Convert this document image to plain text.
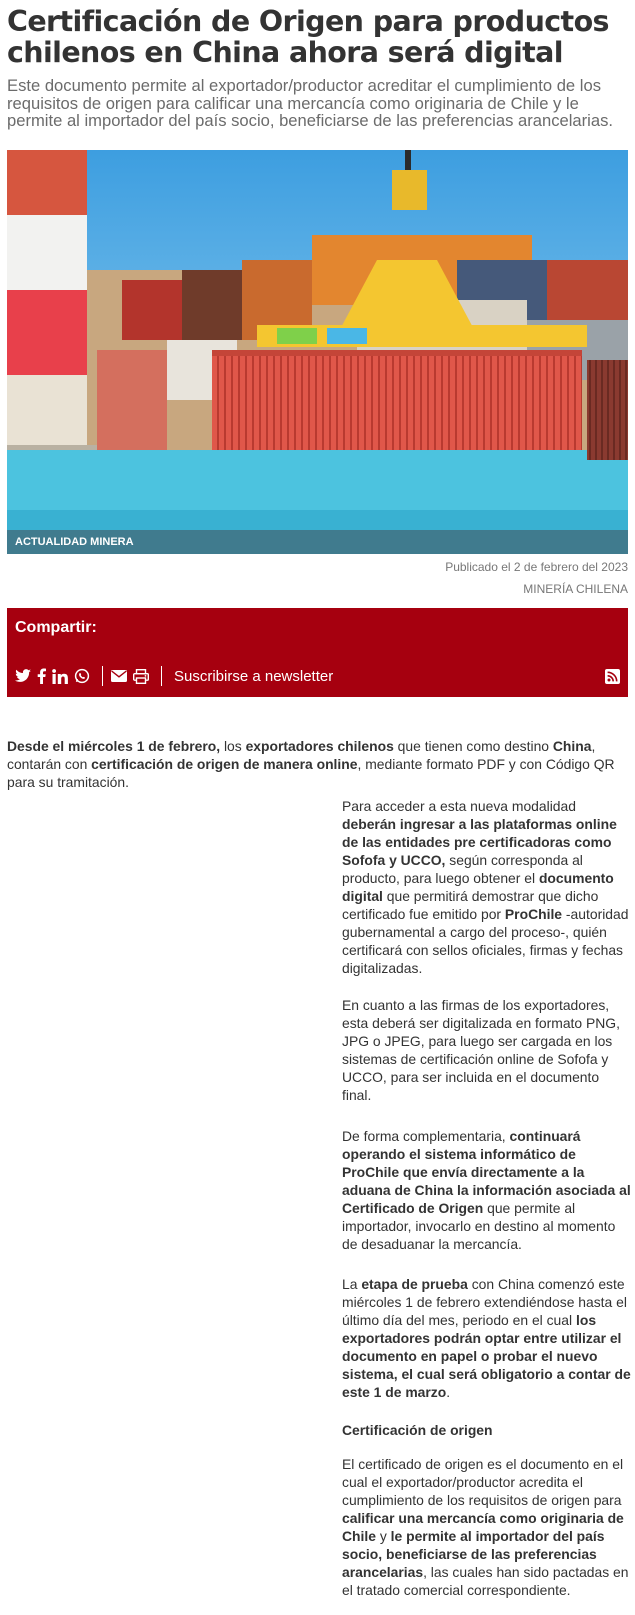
Certificación de Origen para productos chilenos en China ahora será digital

Este documento permite al exportador/productor acreditar el cumplimiento de los requisitos de origen para calificar una mercancía como originaria de Chile y le permite al importador del país socio, beneficiarse de las preferencias arancelarias.

ACTUALIDAD MINERA
Publicado el 2 de febrero del 2023
MINERÍA CHILENA
Compartir:
Suscribirse a newsletter

Desde el miércoles 1 de febrero, los exportadores chilenos que tienen como destino China, contarán con certificación de origen de manera online, mediante formato PDF y con Código QR para su tramitación.

Para acceder a esta nueva modalidad deberán ingresar a las plataformas online de las entidades pre certificadoras como Sofofa y UCCO, según corresponda al producto, para luego obtener el documento digital que permitirá demostrar que dicho certificado fue emitido por ProChile -autoridad gubernamental a cargo del proceso-, quién certificará con sellos oficiales, firmas y fechas digitalizadas.

En cuanto a las firmas de los exportadores, esta deberá ser digitalizada en formato PNG, JPG o JPEG, para luego ser cargada en los sistemas de certificación online de Sofofa y UCCO, para ser incluida en el documento final.

De forma complementaria, continuará operando el sistema informático de ProChile que envía directamente a la aduana de China la información asociada al Certificado de Origen que permite al importador, invocarlo en destino al momento de desaduanar la mercancía.

La etapa de prueba con China comenzó este miércoles 1 de febrero extendiéndose hasta el último día del mes, periodo en el cual los exportadores podrán optar entre utilizar el documento en papel o probar el nuevo sistema, el cual será obligatorio a contar de este 1 de marzo.

Certificación de origen

El certificado de origen es el documento en el cual el exportador/productor acredita el cumplimiento de los requisitos de origen para calificar una mercancía como originaria de Chile y le permite al importador del país socio, beneficiarse de las preferencias arancelarias, las cuales han sido pactadas en el tratado comercial correspondiente.
